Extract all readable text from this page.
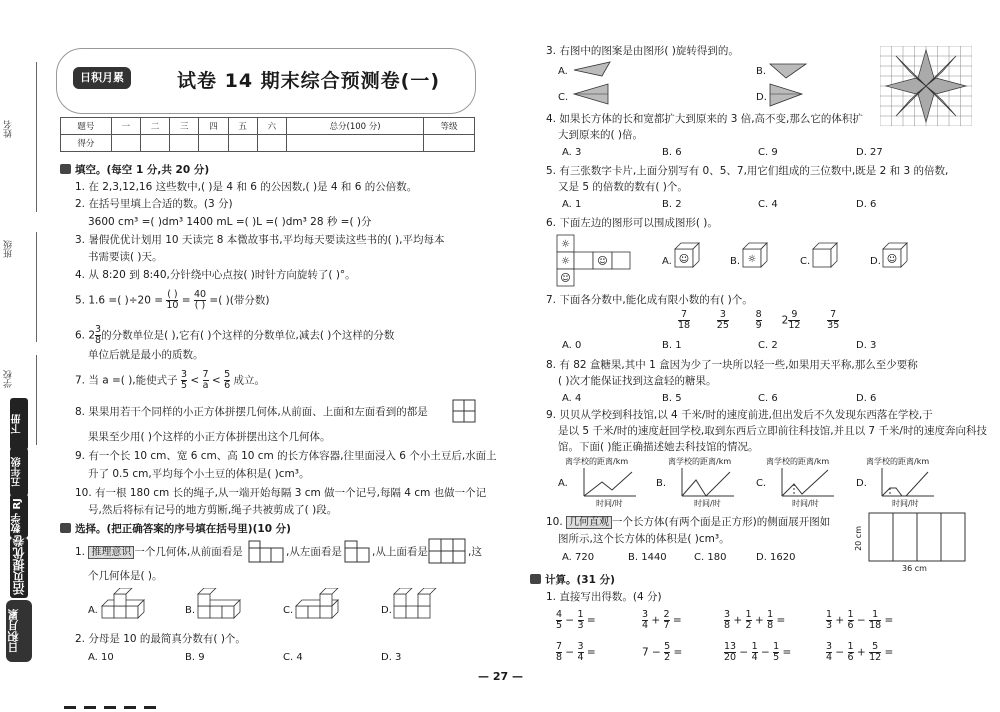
姓名
班级
学校
下册
五年级
数学 RJ
活页提优卷
日积月累
日积月累	试卷 14 期末综合预测卷(一)
题号	一	二	三	四	五	六	总分(100 分)	等级
得分								
填空。(每空 1 分,共 20 分)
1. 在 2,3,12,16 这些数中,( )是 4 和 6 的公因数,( )是 4 和 6 的公倍数。
2. 在括号里填上合适的数。(3 分)
3600 cm³ =( )dm³ 1400 mL =( )L =( )dm³ 28 秒 =( )分
3. 暑假优优计划用 10 天读完 8 本微故事书,平均每天要读这些书的( ),平均每本
书需要读( )天。
4. 从 8:20 到 8:40,分针绕中心点按( )时针方向旋转了( )°。
5. 1.6 =( )$\div 20 = \frac{( )}{10} = \frac{40}{( )}$ =( )(带分数)
6. $2 \frac{3}{8}$ 的分数单位是( ),它有( )个这样的分数单位,减去( )个这样的分数
单位后就是最小的质数。
7. 当 a =( ),能使式子 $\frac{3}{5} < \frac{7}{a} < \frac{5}{6}$ 成立。
8. 果果用若干个同样的小正方体拼摆几何体,从前面、上面和左面看到的都是
果果至少用( )个这样的小正方体拼摆出这个几何体。
9. 有一个长 10 cm、宽 6 cm、高 10 cm 的长方体容器,往里面浸入 6 个小土豆后,水面上
升了 0.5 cm,平均每个小土豆的体积是( )cm³。
10. 有一根 180 cm 长的绳子,从一端开始每隔 3 cm 做一个记号,每隔 4 cm 也做一个记
号,然后将标有记号的地方剪断,绳子共被剪成了( )段。
选择。(把正确答案的序号填在括号里)(10 分)
1. 推理意识 一个几何体,从前面看是	,从左面看是	,从上面看是	,这
个几何体是( )。
A.	B.	C.	D.
2. 分母是 10 的最简真分数有( )个。
A. 10	B. 9	C. 4	D. 3
3. 右图中的图案是由图形( )旋转得到的。
A.	B.
C.	D.
4. 如果长方体的长和宽都扩大到原来的 3 倍,高不变,那么它的体积扩
大到原来的( )倍。
A. 3	B. 6	C. 9	D. 27
5. 有三张数字卡片,上面分别写有 0、5、7,用它们组成的三位数中,既是 2 和 3 的倍数,
又是 5 的倍数的数有( )个。
A. 1	B. 2	C. 4	D. 6
6. 下面左边的图形可以围成图形( )。
☼
☼
☺
☺	A. ☺	B. ☼	C.	D. ☺
7. 下面各分数中,能化成有限小数的有( )个。
$\frac{7}{18}$
	$\frac{3}{25}$
	$\frac{8}{9} 2 \frac{9}{12}$
	$\frac{7}{35}$
A. 0	B. 1	C. 2	D. 3
8. 有 82 盒糖果,其中 1 盒因为少了一块所以轻一些,如果用天平称,那么至少要称
( )次才能保证找到这盒轻的糖果。
A. 4	B. 5	C. 6	D. 6
9. 贝贝从学校到科技馆,以 4 千米/时的速度前进,但出发后不久发现东西落在学校,于
是以 5 千米/时的速度赶回学校,取到东西后立即前往科技馆,并且以 7 千米/时的速度奔向科技
馆。下面( )能正确描述她去科技馆的情况。
离学校的距离/km
A.
时间/时
离学校的距离/km
B.
时间/时
离学校的距离/km
C.
时间/时
离学校的距离/km
D.
时间/时
10. 几何直观 一个长方体(有两个面是正方形)的侧面展开图如
图所示,这个长方体的体积是( )cm³。
A. 720	B. 1440	C. 180	D. 1620
20 cm
36 cm
计算。(31 分)
1. 直接写出得数。(4 分)
$\frac{4}{5} - \frac{1}{3}$ =	$\frac{3}{4} + \frac{2}{7}$ =	$\frac{3}{8} + \frac{1}{2} + \frac{1}{8}$ =	$\frac{1}{3} + \frac{1}{6} - \frac{1}{18}$ =
$\frac{7}{8} - \frac{3}{4}$ =	$7 - \frac{5}{2}$ =	$\frac{13}{20} - \frac{1}{4} - \frac{1}{5}$ =	$\frac{3}{4} - \frac{1}{6} + \frac{5}{12}$ =
— 27 —
